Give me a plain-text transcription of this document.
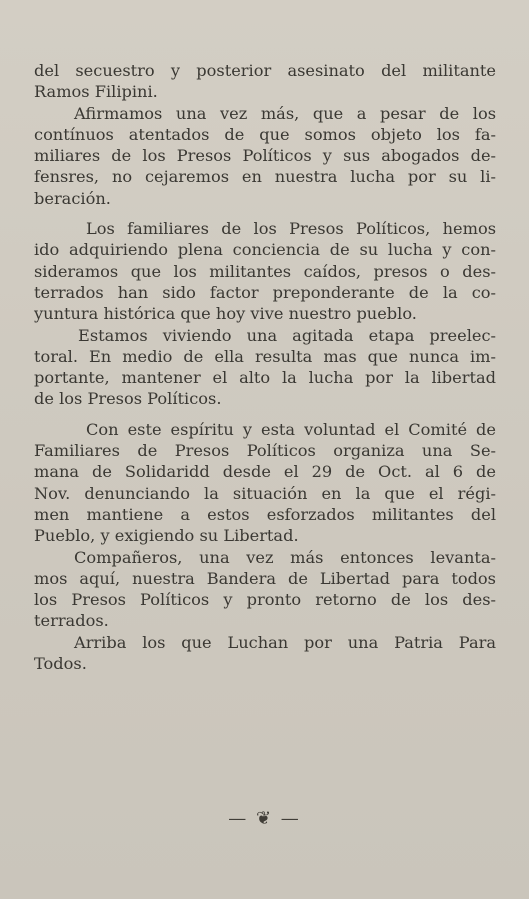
del secuestro y posterior asesinato del militante
Ramos Filipini.

Afirmamos una vez más, que a pesar de los
contínuos atentados de que somos objeto los fa-
miliares de los Presos Políticos y sus abogados de-
fensres, no cejaremos en nuestra lucha por su li-
beración.

Los familiares de los Presos Políticos, hemos
ido adquiriendo plena conciencia de su lucha y con-
sideramos que los militantes caídos, presos o des-
terrados han sido factor preponderante de la co-
yuntura histórica que hoy vive nuestro pueblo.

Estamos viviendo una agitada etapa preelec-
toral. En medio de ella resulta mas que nunca im-
portante, mantener el alto la lucha por la libertad
de los Presos Políticos.

Con este espíritu y esta voluntad el Comité de
Familiares de Presos Políticos organiza una Se-
mana de Solidaridd desde el 29 de Oct. al 6 de
Nov. denunciando la situación en la que el régi-
men mantiene a estos esforzados militantes del
Pueblo, y exigiendo su Libertad.

Compañeros, una vez más entonces levanta-
mos aquí, nuestra Bandera de Libertad para todos
los Presos Políticos y pronto retorno de los des-
terrados.

Arriba los que Luchan por una Patria Para
Todos.

— ❦ —
